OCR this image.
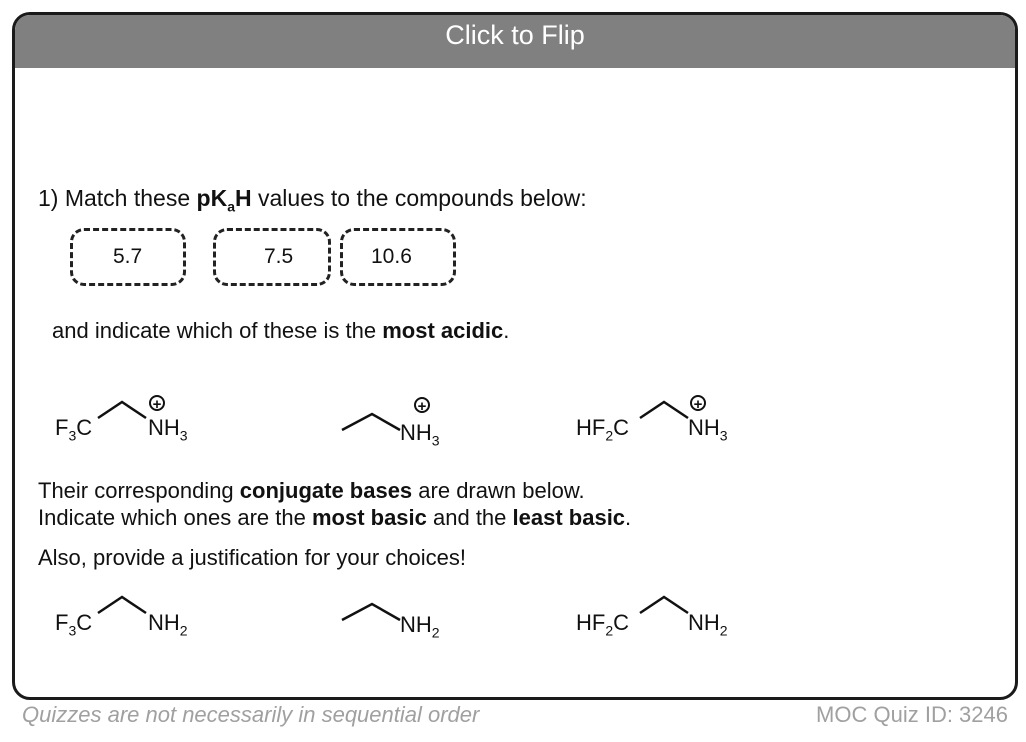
Click to Flip
1) Match these $pK_aH$ values to the compounds below:
5.7	7.5	10.6
and indicate which of these is the most acidic.
$F_3C$	$NH_3$
+
$NH_3$
+
$HF_2C$	$NH_3$
+
Their corresponding conjugate bases are drawn below.
Indicate which ones are the most basic and the least basic.
Also, provide a justification for your choices!
$F_3C$	$NH_2$	$NH_2$	$HF_2C$	$NH_2$
Quizzes are not necessarily in sequential order	MOC Quiz ID: 3246
